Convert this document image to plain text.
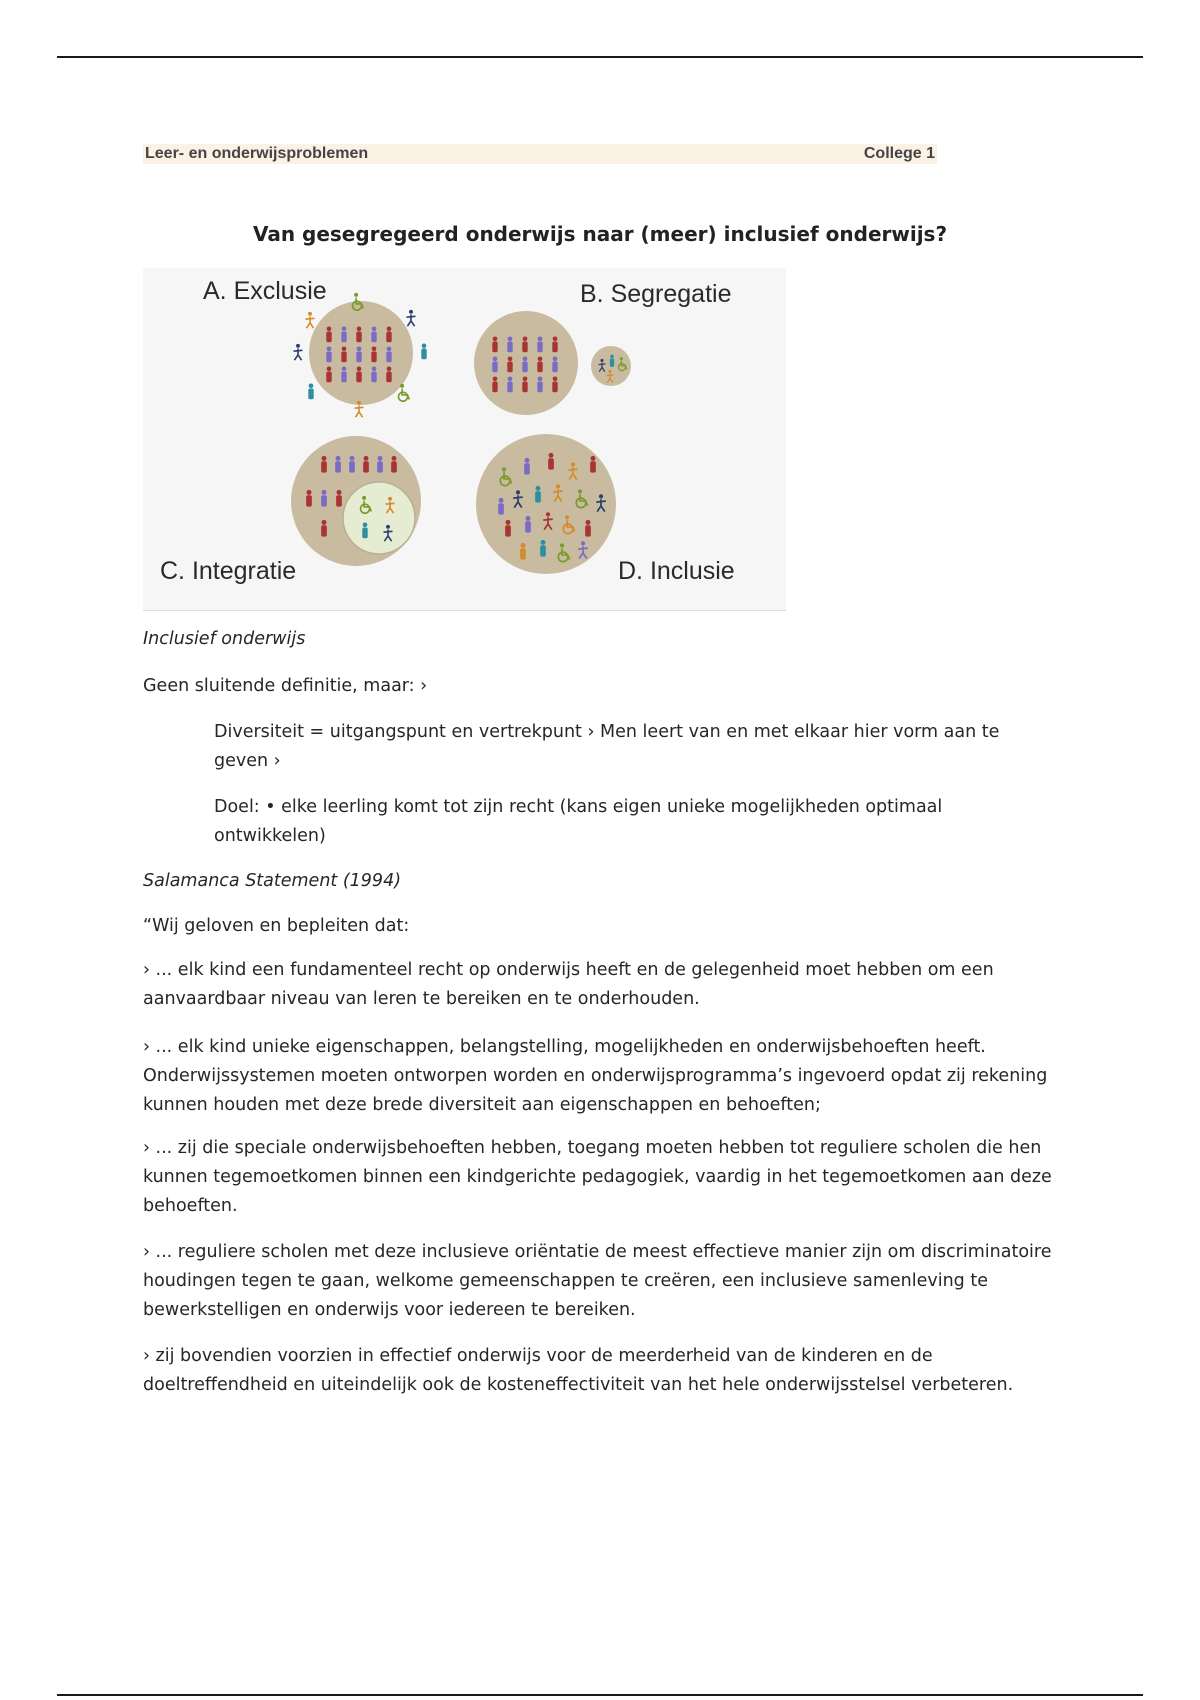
Leer- en onderwijsproblemen	College 1
Van gesegregeerd onderwijs naar (meer) inclusief onderwijs?
A. Exclusie	B. Segregatie
C. Integratie	D. Inclusie
Inclusief onderwijs
Geen sluitende definitie, maar: ›
Diversiteit = uitgangspunt en vertrekpunt › Men leert van en met elkaar hier vorm aan te geven ›
Doel: • elke leerling komt tot zijn recht (kans eigen unieke mogelijkheden optimaal ontwikkelen)
Salamanca Statement (1994)
“Wij geloven en bepleiten dat:
› ... elk kind een fundamenteel recht op onderwijs heeft en de gelegenheid moet hebben om een aanvaardbaar niveau van leren te bereiken en te onderhouden.
› ... elk kind unieke eigenschappen, belangstelling, mogelijkheden en onderwijsbehoeften heeft. Onderwijssystemen moeten ontworpen worden en onderwijsprogramma’s ingevoerd opdat zij rekening kunnen houden met deze brede diversiteit aan eigenschappen en behoeften;
› ... zij die speciale onderwijsbehoeften hebben, toegang moeten hebben tot reguliere scholen die hen kunnen tegemoetkomen binnen een kindgerichte pedagogiek, vaardig in het tegemoetkomen aan deze behoeften.
› ... reguliere scholen met deze inclusieve oriëntatie de meest effectieve manier zijn om discriminatoire houdingen tegen te gaan, welkome gemeenschappen te creëren, een inclusieve samenleving te bewerkstelligen en onderwijs voor iedereen te bereiken.
› zij bovendien voorzien in effectief onderwijs voor de meerderheid van de kinderen en de doeltreffendheid en uiteindelijk ook de kosteneffectiviteit van het hele onderwijsstelsel verbeteren.
